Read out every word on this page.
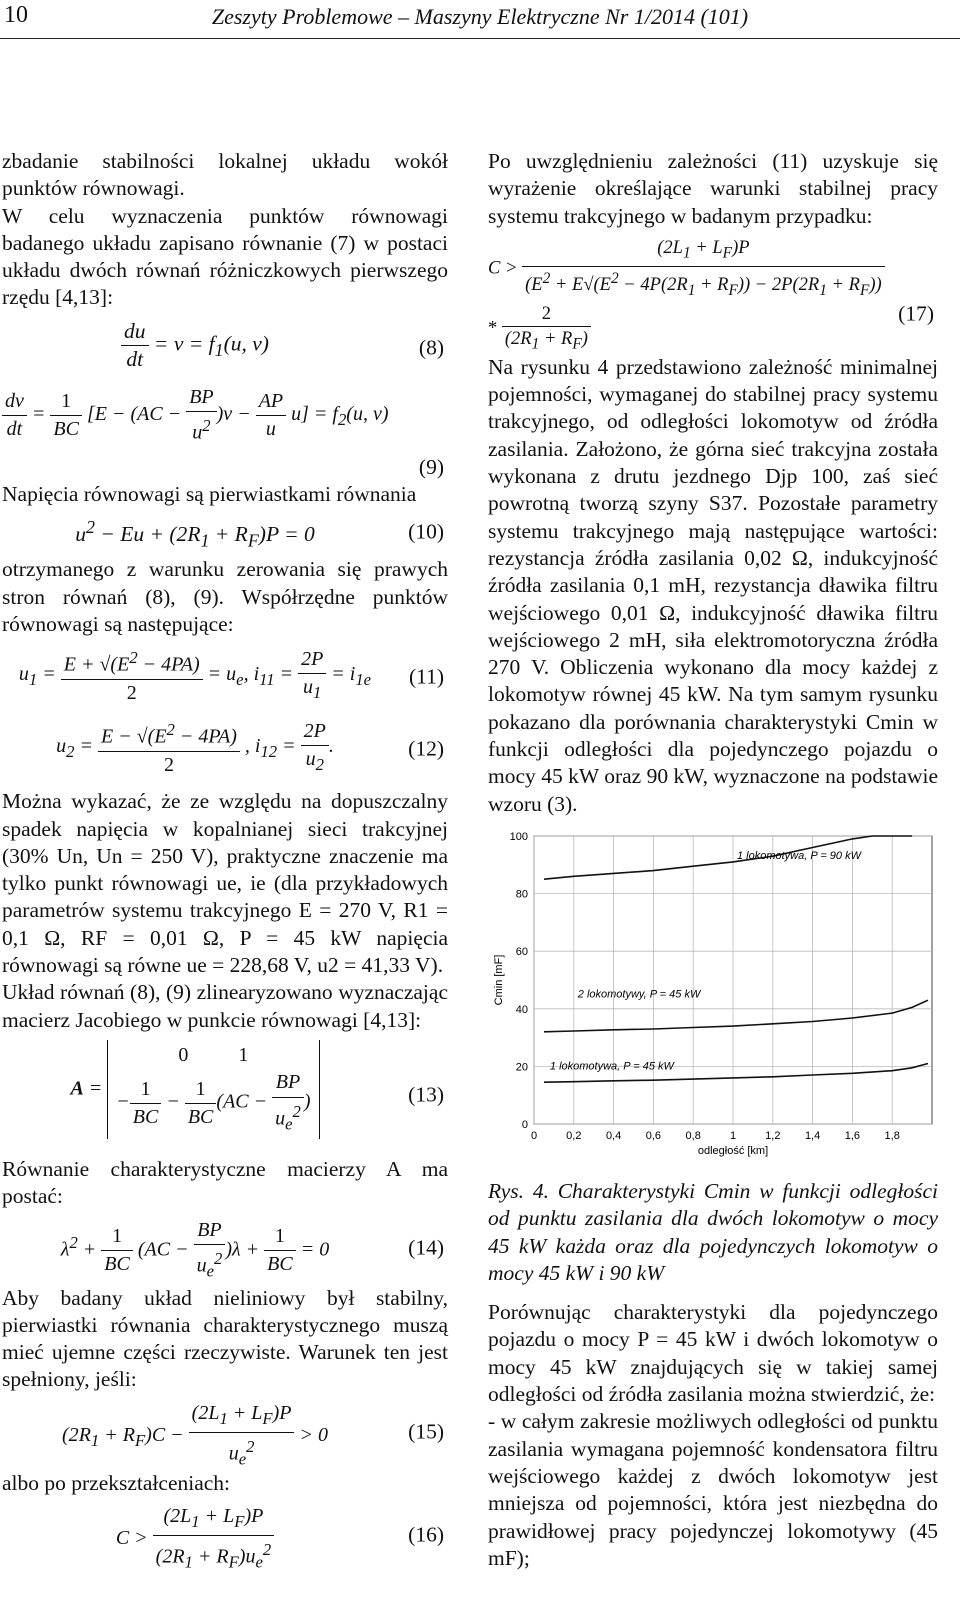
10	Zeszyty Problemowe – Maszyny Elektryczne Nr 1/2014 (101)

zbadanie stabilności lokalnej układu wokół punktów równowagi.

W celu wyznaczenia punktów równowagi badanego układu zapisano równanie (7) w postaci układu dwóch równań różniczkowych pierwszego rzędu [4,13]:

$\frac{du}{dt} = v = f_1(u$, v)	(8)
$\frac{dv}{dt} = \frac{1}{BC} [E - (AC - \frac{BP}{u^2} )v - \frac{AP}{u} u] = f_2(u$, v)
(9)

Napięcia równowagi są pierwiastkami równania

$u^2 - Eu + (2R_1 + R_F)P = 0$	(10)

otrzymanego z warunku zerowania się prawych stron równań (8), (9). Współrzędne punktów równowagi są następujące:

$u_1 = \frac{E + √(E^2 - 4PA)}{2} = u_e$, $i_{11} = \frac{2P}{u_1} = i_{1e}$	(11)
$u_2 = \frac{E - √(E^2 - 4PA)}{2}$ , $i_{12} = \frac{2P}{u_2}$ .	(12)

Można wykazać, że ze względu na dopuszczalny spadek napięcia w kopalnianej sieci trakcyjnej (30% Un, Un = 250 V), praktyczne znaczenie ma tylko punkt równowagi ue, ie (dla przykładowych parametrów systemu trakcyjnego E = 270 V, R1 = 0,1 Ω, RF = 0,01 Ω, P = 45 kW napięcia równowagi są równe ue = 228,68 V, u2 = 41,33 V).

Układ równań (8), (9) zlinearyzowano wyznaczając macierz Jacobiego w punkcie równowagi [4,13]:

A =
0          1
− $\frac{1}{BC} - \frac{1}{BC} (AC - \frac{BP}{u_e^2}$ )	(13)

Równanie charakterystyczne macierzy A ma postać:

$\lambda^2 + \frac{1}{BC} (AC - \frac{BP}{u_e^2} )\lambda + \frac{1}{BC} = 0$	(14)

Aby badany układ nieliniowy był stabilny, pierwiastki równania charakterystycznego muszą mieć ujemne części rzeczywiste. Warunek ten jest spełniony, jeśli:

$(2R_1 + R_F)C - \frac{(2L_1 + L_F)P}{u_e^2} > 0$	(15)

albo po przekształceniach:

$C > \frac{(2L_1 + L_F)P}{(2R_1 + R_F)u_e^2}$	(16)

Po uwzględnieniu zależności (11) uzyskuje się wyrażenie określające warunki stabilnej pracy systemu trakcyjnego w badanym przypadku:

$C > \frac{(2L_1 + L_F)P}{(E^2 + E√(E^2 - 4P(2R_1 + R_F)) - 2P(2R_1 + R_F))}$

* $\frac{2}{(2R_1 + R_F)}$	(17)

Na rysunku 4 przedstawiono zależność minimalnej pojemności, wymaganej do stabilnej pracy systemu trakcyjnego, od odległości lokomotyw od źródła zasilania. Założono, że górna sieć trakcyjna została wykonana z drutu jezdnego Djp 100, zaś sieć powrotną tworzą szyny S37. Pozostałe parametry systemu trakcyjnego mają następujące wartości: rezystancja źródła zasilania 0,02 Ω, indukcyjność źródła zasilania 0,1 mH, rezystancja dławika filtru wejściowego 0,01 Ω, indukcyjność dławika filtru wejściowego 2 mH, siła elektromotoryczna źródła 270 V. Obliczenia wykonano dla mocy każdej z lokomotyw równej 45 kW. Na tym samym rysunku pokazano dla porównania charakterystyki Cmin w funkcji odległości dla pojedynczego pojazdu o mocy 45 kW oraz 90 kW, wyznaczone na podstawie wzoru (3).

0
20
40
60
80
100
0	0,2 0,4 0,6 0,8	1	1,2 1,4 1,6 1,8
odległość [km]
Cmin [mF]
1 lokomotywa, P = 90 kW
2 lokomotywy, P = 45 kW
1 lokomotywa, P = 45 kW

Rys. 4. Charakterystyki Cmin w funkcji odległości od punktu zasilania dla dwóch lokomotyw o mocy 45 kW każda oraz dla pojedynczych lokomotyw o mocy 45 kW i 90 kW

Porównując charakterystyki dla pojedynczego pojazdu o mocy P = 45 kW i dwóch lokomotyw o mocy 45 kW znajdujących się w takiej samej odległości od źródła zasilania można stwierdzić, że:

- w całym zakresie możliwych odległości od punktu zasilania wymagana pojemność kondensatora filtru wejściowego każdej z dwóch lokomotyw jest mniejsza od pojemności, która jest niezbędna do prawidłowej pracy pojedynczej lokomotywy (45 mF);
